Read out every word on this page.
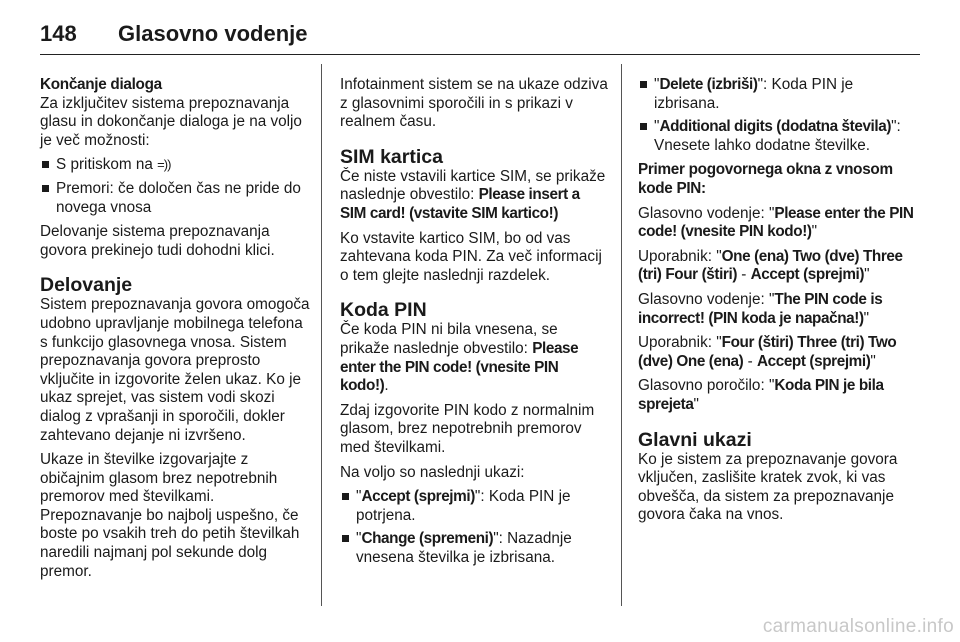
148	Glasovno vodenje
Končanje dialoga

Za izključitev sistema prepoznavanja glasu in dokončanje dialoga je na voljo je več možnosti:

S pritiskom na =))
Premori: če določen čas ne pride do novega vnosa

Delovanje sistema prepoznavanja govora prekinejo tudi dohodni klici.

Delovanje

Sistem prepoznavanja govora omogoča udobno upravljanje mobilnega telefona s funkcijo glasovnega vnosa. Sistem prepoznavanja govora preprosto vključite in izgovorite želen ukaz. Ko je ukaz sprejet, vas sistem vodi skozi dialog z vprašanji in sporočili, dokler zahtevano dejanje ni izvršeno.

Ukaze in številke izgovarjajte z običajnim glasom brez nepotrebnih premorov med številkami. Prepoznavanje bo najbolj uspešno, če boste po vsakih treh do petih številkah naredili najmanj pol sekunde dolg premor.

Infotainment sistem se na ukaze odziva z glasovnimi sporočili in s prikazi v realnem času.

SIM kartica

Če niste vstavili kartice SIM, se prikaže naslednje obvestilo: Please insert a SIM card! (vstavite SIM kartico!)

Ko vstavite kartico SIM, bo od vas zahtevana koda PIN. Za več informacij o tem glejte naslednji razdelek.

Koda PIN

Če koda PIN ni bila vnesena, se prikaže naslednje obvestilo: Please enter the PIN code! (vnesite PIN kodo!).

Zdaj izgovorite PIN kodo z normalnim glasom, brez nepotrebnih premorov med številkami.

Na voljo so naslednji ukazi:

"Accept (sprejmi)": Koda PIN je potrjena.
"Change (spremeni)": Nazadnje vnesena številka je izbrisana.
"Delete (izbriši)": Koda PIN je izbrisana.
"Additional digits (dodatna števila)": Vnesete lahko dodatne številke.
Primer pogovornega okna z vnosom kode PIN:

Glasovno vodenje: "Please enter the PIN code! (vnesite PIN kodo!)"

Uporabnik: "One (ena) Two (dve) Three (tri) Four (štiri) - Accept (sprejmi)"

Glasovno vodenje: "The PIN code is incorrect! (PIN koda je napačna!)"

Uporabnik: "Four (štiri) Three (tri) Two (dve) One (ena) - Accept (sprejmi)"

Glasovno poročilo: "Koda PIN je bila sprejeta"

Glavni ukazi

Ko je sistem za prepoznavanje govora vključen, zaslišite kratek zvok, ki vas obvešča, da sistem za prepoznavanje govora čaka na vnos.

carmanualsonline.info
